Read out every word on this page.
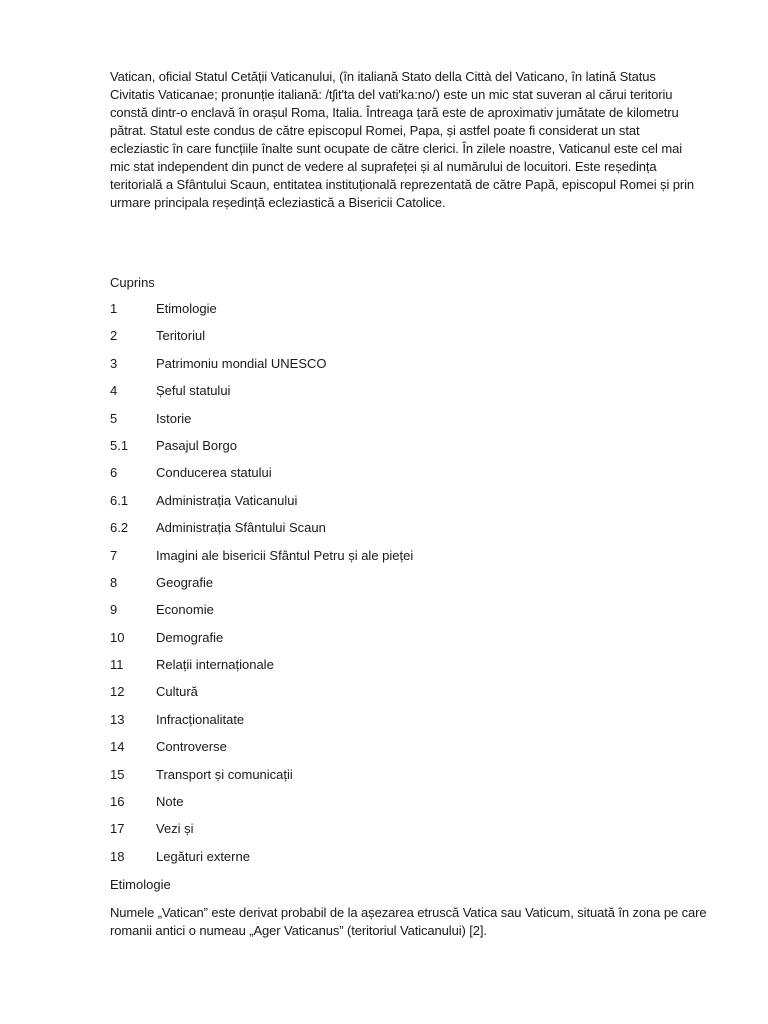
Vatican, oficial Statul Cetății Vaticanului, (în italiană Stato della Città del Vaticano, în latină Status Civitatis Vaticanae; pronunție italiană: /tʃit'ta del vati'ka:no/) este un mic stat suveran al cărui teritoriu constă dintr-o enclavă în orașul Roma, Italia. Întreaga țară este de aproximativ jumătate de kilometru pătrat. Statul este condus de către episcopul Romei, Papa, și astfel poate fi considerat un stat eclezia‌stic în care funcțiile înalte sunt ocupate de către clerici. În zilele noastre, Vaticanul este cel mai mic stat independent din punct de vedere al suprafeței și al numărului de locuitori. Este reședința teritorială a Sfântului Scaun, entitatea instituțională reprezentată de către Papă, episcopul Romei și prin urmare principala reședință ecleziastică a Bisericii Catolice.

Cuprins

1	Etimologie
2	Teritoriul
3	Patrimoniu mondial UNESCO
4	Șeful statului
5	Istorie
5.1	Pasajul Borgo
6	Conducerea statului
6.1	Administrația Vaticanului
6.2	Administrația Sfântului Scaun
7	Imagini ale bisericii Sfântul Petru și ale pieței
8	Geografie
9	Economie
10	Demografie
11	Relații internaționale
12	Cultură
13	Infracționalitate
14	Controverse
15	Transport și comunicații
16	Note
17	Vezi și
18	Legături externe

Etimologie

Numele „Vatican” este derivat probabil de la așezarea etruscă Vatica sau Vaticum, situată în zona pe care romanii antici o numeau „Ager Vaticanus” (teritoriul Vaticanului) [2].
